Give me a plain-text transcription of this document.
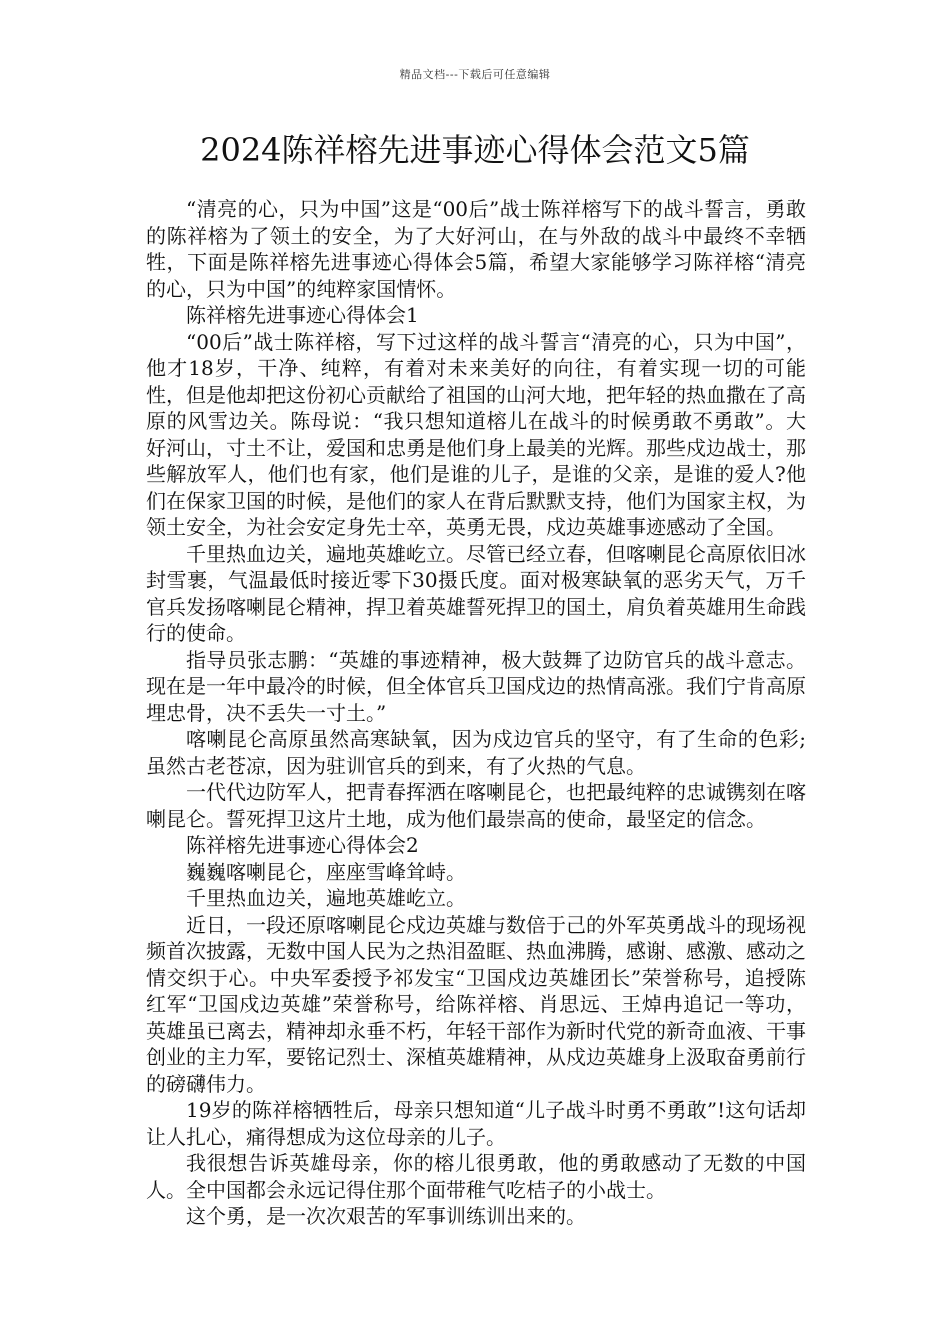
精品文档---下载后可任意编辑
2024陈祥榕先进事迹心得体会范文5篇

“清亮的心，只为中国”这是“00后”战士陈祥榕写下的战斗誓言，勇敢的陈祥榕为了领土的安全，为了大好河山，在与外敌的战斗中最终不幸牺牲，下面是陈祥榕先进事迹心得体会5篇，希望大家能够学习陈祥榕“清亮的心，只为中国”的纯粹家国情怀。

陈祥榕先进事迹心得体会1

“00后”战士陈祥榕，写下过这样的战斗誓言“清亮的心，只为中国”，他才18岁，干净、纯粹，有着对未来美好的向往，有着实现一切的可能性，但是他却把这份初心贡献给了祖国的山河大地，把年轻的热血撒在了高原的风雪边关。陈母说：“我只想知道榕儿在战斗的时候勇敢不勇敢”。大好河山，寸土不让，爱国和忠勇是他们身上最美的光辉。那些戍边战士，那些解放军人，他们也有家，他们是谁的儿子，是谁的父亲，是谁的爱人?他们在保家卫国的时候，是他们的家人在背后默默支持，他们为国家主权，为领土安全，为社会安定身先士卒，英勇无畏，戍边英雄事迹感动了全国。

千里热血边关，遍地英雄屹立。尽管已经立春，但喀喇昆仑高原依旧冰封雪裹，气温最低时接近零下30摄氏度。面对极寒缺氧的恶劣天气，万千官兵发扬喀喇昆仑精神，捍卫着英雄誓死捍卫的国土，肩负着英雄用生命践行的使命。

指导员张志鹏：“英雄的事迹精神，极大鼓舞了边防官兵的战斗意志。现在是一年中最冷的时候，但全体官兵卫国戍边的热情高涨。我们宁肯高原埋忠骨，决不丢失一寸土。”

喀喇昆仑高原虽然高寒缺氧，因为戍边官兵的坚守，有了生命的色彩;虽然古老苍凉，因为驻训官兵的到来，有了火热的气息。

一代代边防军人，把青春挥洒在喀喇昆仑，也把最纯粹的忠诚镌刻在喀喇昆仑。誓死捍卫这片土地，成为他们最崇高的使命，最坚定的信念。

陈祥榕先进事迹心得体会2

巍巍喀喇昆仑，座座雪峰耸峙。

千里热血边关，遍地英雄屹立。

近日，一段还原喀喇昆仑戍边英雄与数倍于己的外军英勇战斗的现场视频首次披露，无数中国人民为之热泪盈眶、热血沸腾，感谢、感激、感动之情交织于心。中央军委授予祁发宝“卫国戍边英雄团长”荣誉称号，追授陈红军“卫国戍边英雄”荣誉称号，给陈祥榕、肖思远、王焯冉追记一等功，英雄虽已离去，精神却永垂不朽，年轻干部作为新时代党的新奇血液、干事创业的主力军，要铭记烈士、深植英雄精神，从戍边英雄身上汲取奋勇前行的磅礴伟力。

19岁的陈祥榕牺牲后，母亲只想知道“儿子战斗时勇不勇敢”!这句话却让人扎心，痛得想成为这位母亲的儿子。

我很想告诉英雄母亲，你的榕儿很勇敢，他的勇敢感动了无数的中国人。全中国都会永远记得住那个面带稚气吃桔子的小战士。

这个勇，是一次次艰苦的军事训练训出来的。
